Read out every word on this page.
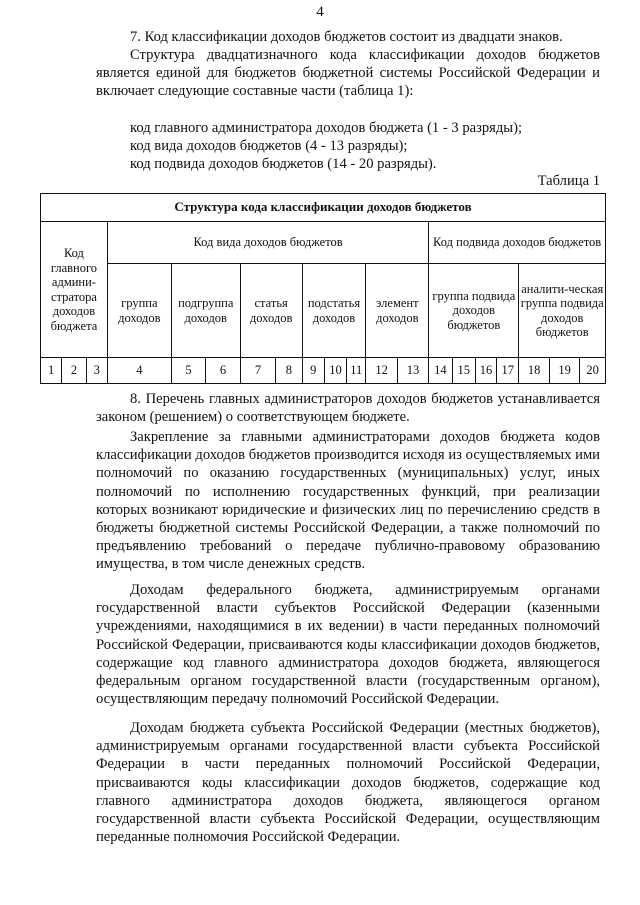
4

7. Код классификации доходов бюджетов состоит из двадцати знаков.

Структура двадцатизначного кода классификации доходов бюджетов является единой для бюджетов бюджетной системы Российской Федерации и включает следующие составные части (таблица 1):

код главного администратора доходов бюджета (1 - 3 разряды);
код вида доходов бюджетов (4 - 13 разряды);
код подвида доходов бюджетов (14 - 20 разряды).
Таблица 1
Структура кода классификации доходов бюджетов																			
Код главного админи-стратора доходов бюджета			Код вида доходов бюджетов										Код подвида доходов бюджетов						
			группа доходов	подгруппа доходов		статья доходов		подстатья доходов			элемент доходов		группа подвида доходов бюджетов				аналити-ческая группа подвида доходов бюджетов		
1	2	3	4	5	6	7	8	9	10	11	12	13	14	15	16	17	18	19	20

8. Перечень главных администраторов доходов бюджетов устанавливается законом (решением) о соответствующем бюджете.

Закрепление за главными администраторами доходов бюджета кодов классификации доходов бюджетов производится исходя из осуществляемых ими полномочий по оказанию государственных (муниципальных) услуг, иных полномочий по исполнению государственных функций, при реализации которых возникают юридические и физических лиц по перечислению средств в бюджеты бюджетной системы Российской Федерации, а также полномочий по предъявлению требований о передаче публично-правовому образованию имущества, в том числе денежных средств.

Доходам федерального бюджета, администрируемым органами государственной власти субъектов Российской Федерации (казенными учреждениями, находящимися в их ведении) в части переданных полномочий Российской Федерации, присваиваются коды классификации доходов бюджетов, содержащие код главного администратора доходов бюджета, являющегося федеральным органом государственной власти (государственным органом), осуществляющим передачу полномочий Российской Федерации.

Доходам бюджета субъекта Российской Федерации (местных бюджетов), администрируемым органами государственной власти субъекта Российской Федерации в части переданных полномочий Российской Федерации, присваиваются коды классификации доходов бюджетов, содержащие код главного администратора доходов бюджета, являющегося органом государственной власти субъекта Российской Федерации, осуществляющим переданные полномочия Российской Федерации.
